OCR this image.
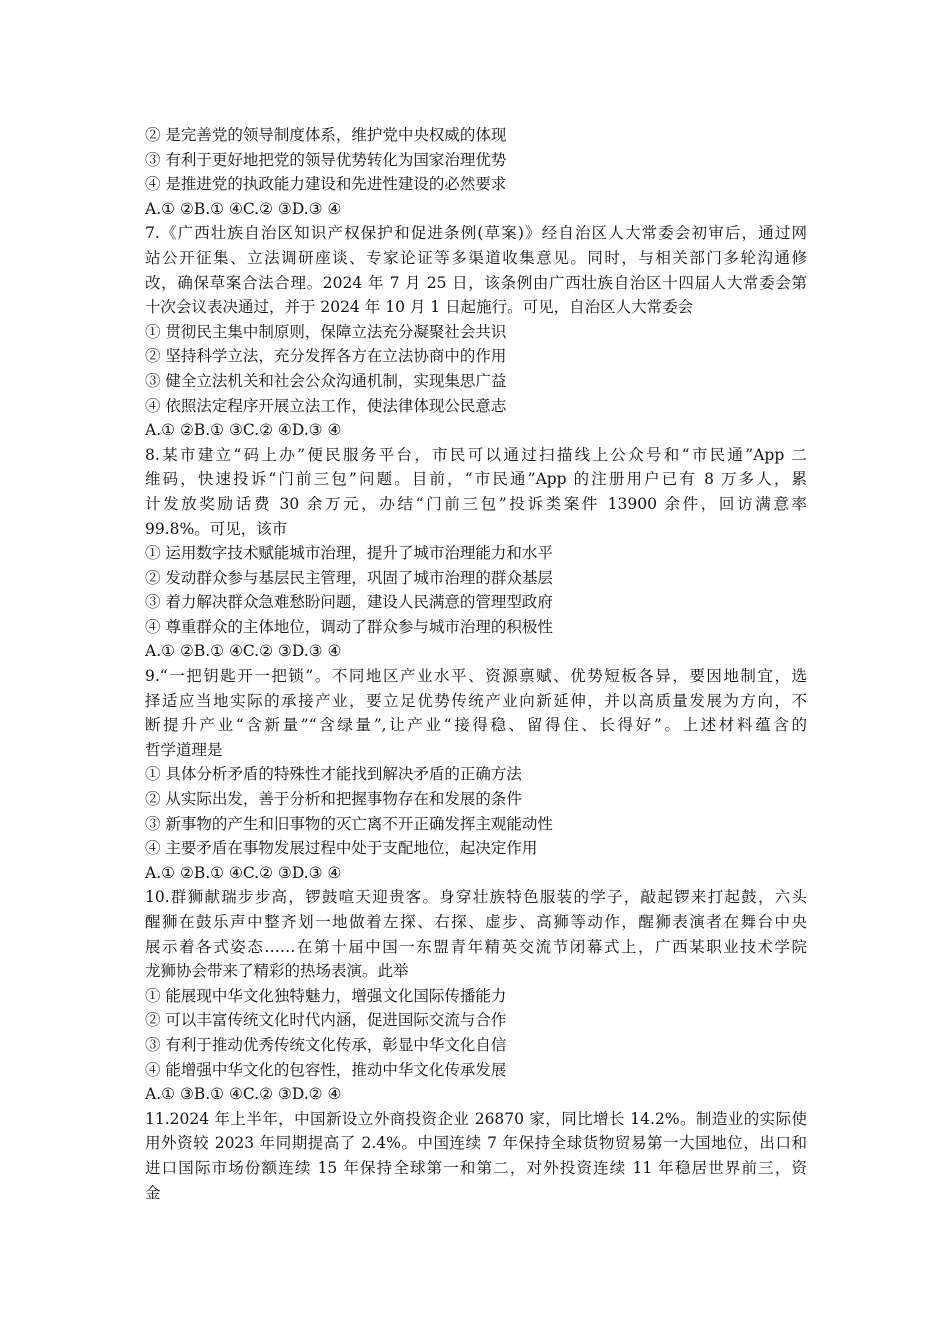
② 是完善党的领导制度体系，维护党中央权威的体现
③ 有利于更好地把党的领导优势转化为国家治理优势
④ 是推进党的执政能力建设和先进性建设的必然要求
A.① ②B.① ④C.② ③D.③ ④
7.《广西壮族自治区知识产权保护和促进条例(草案)》经自治区人大常委会初审后，通过网
站公开征集、立法调研座谈、专家论证等多渠道收集意见。同时，与相关部门多轮沟通修
改，确保草案合法合理。2024 年 7 月 25 日，该条例由广西壮族自治区十四届人大常委会第
十次会议表决通过，并于 2024 年 10 月 1 日起施行。可见，自治区人大常委会
① 贯彻民主集中制原则，保障立法充分凝聚社会共识
② 坚持科学立法，充分发挥各方在立法协商中的作用
③ 健全立法机关和社会公众沟通机制，实现集思广益
④ 依照法定程序开展立法工作，使法律体现公民意志
A.① ②B.① ③C.② ④D.③ ④
8.某市建立“码上办”便民服务平台，市民可以通过扫描线上公众号和“市民通”App 二
维码，快速投诉“门前三包”问题。目前，“市民通”App 的注册用户已有 8 万多人，累
计发放奖励话费 30 余万元，办结“门前三包”投诉类案件 13900 余件，回访满意率
99.8%。可见，该市
① 运用数字技术赋能城市治理，提升了城市治理能力和水平
② 发动群众参与基层民主管理，巩固了城市治理的群众基层
③ 着力解决群众急难愁盼问题，建设人民满意的管理型政府
④ 尊重群众的主体地位，调动了群众参与城市治理的积极性
A.① ②B.① ④C.② ③D.③ ④
9.“一把钥匙开一把锁”。不同地区产业水平、资源禀赋、优势短板各异，要因地制宜，选
择适应当地实际的承接产业，要立足优势传统产业向新延伸，并以高质量发展为方向，不
断提升产业“含新量”“含绿量”,让产业“接得稳、留得住、长得好”。上述材料蕴含的
哲学道理是
① 具体分析矛盾的特殊性才能找到解决矛盾的正确方法
② 从实际出发，善于分析和把握事物存在和发展的条件
③ 新事物的产生和旧事物的灭亡离不开正确发挥主观能动性
④ 主要矛盾在事物发展过程中处于支配地位，起决定作用
A.① ②B.① ④C.② ③D.③ ④
10.群狮献瑞步步高，锣鼓喧天迎贵客。身穿壮族特色服装的学子，敲起锣来打起鼓，六头
醒狮在鼓乐声中整齐划一地做着左探、右探、虚步、高狮等动作，醒狮表演者在舞台中央
展示着各式姿态……在第十届中国一东盟青年精英交流节闭幕式上，广西某职业技术学院
龙狮协会带来了精彩的热场表演。此举
① 能展现中华文化独特魅力，增强文化国际传播能力
② 可以丰富传统文化时代内涵，促进国际交流与合作
③ 有利于推动优秀传统文化传承，彰显中华文化自信
④ 能增强中华文化的包容性，推动中华文化传承发展
A.① ③B.① ④C.② ③D.② ④
11.2024 年上半年，中国新设立外商投资企业 26870 家，同比增长 14.2%。制造业的实际使
用外资较 2023 年同期提高了 2.4%。中国连续 7 年保持全球货物贸易第一大国地位，出口和
进口国际市场份额连续 15 年保持全球第一和第二，对外投资连续 11 年稳居世界前三，资
金
